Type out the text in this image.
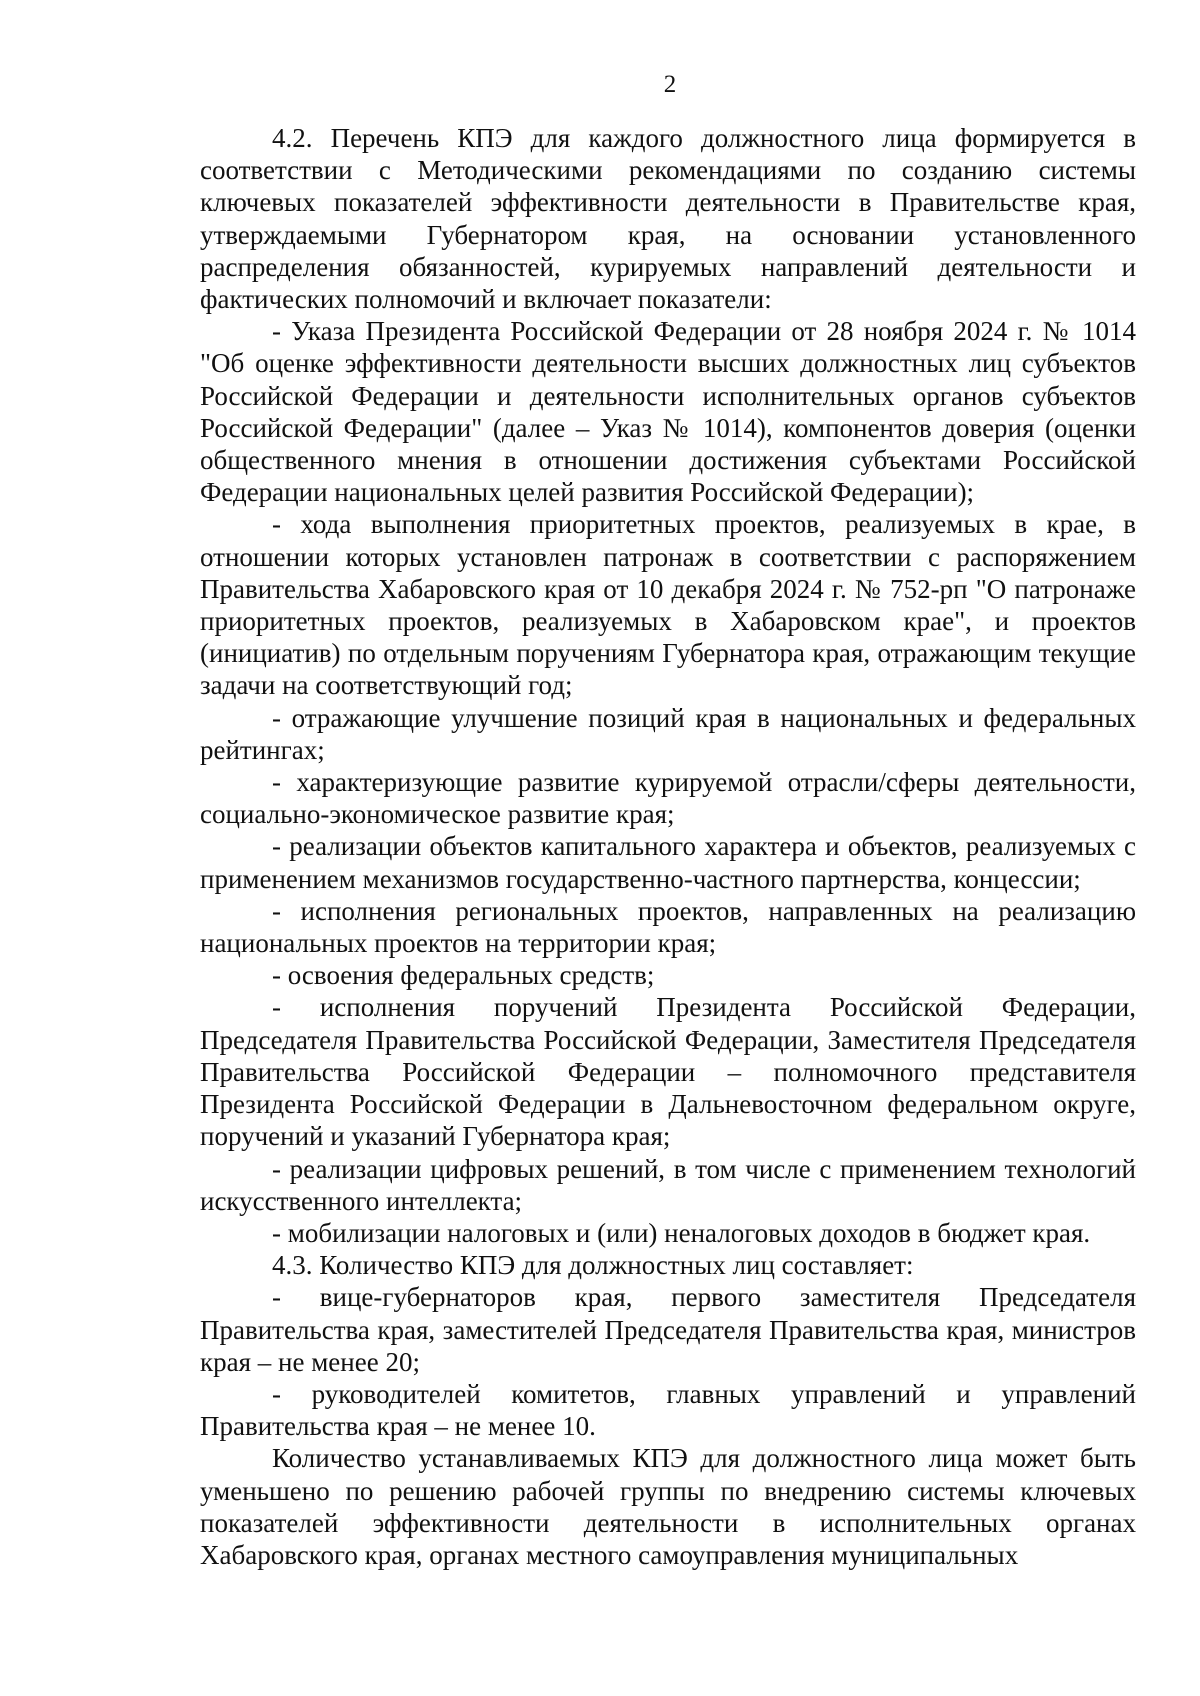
2

4.2. Перечень КПЭ для каждого должностного лица формируется в соответствии с Методическими рекомендациями по созданию системы ключевых показателей эффективности деятельности в Правительстве края, утверждаемыми Губернатором края, на основании установленного распределения обязанностей, курируемых направлений деятельности и фактических полномочий и включает показатели:

- Указа Президента Российской Федерации от 28 ноября 2024 г. № 1014 "Об оценке эффективности деятельности высших должностных лиц субъектов Российской Федерации и деятельности исполнительных органов субъектов Российской Федерации" (далее – Указ № 1014), компонентов доверия (оценки общественного мнения в отношении достижения субъектами Российской Федерации национальных целей развития Российской Федерации);

- хода выполнения приоритетных проектов, реализуемых в крае, в отношении которых установлен патронаж в соответствии с распоряжением Правительства Хабаровского края от 10 декабря 2024 г. № 752-рп "О патронаже приоритетных проектов, реализуемых в Хабаровском крае", и проектов (инициатив) по отдельным поручениям Губернатора края, отражающим текущие задачи на соответствующий год;

- отражающие улучшение позиций края в национальных и федеральных рейтингах;

- характеризующие развитие курируемой отрасли/сферы деятельности, социально-экономическое развитие края;

- реализации объектов капитального характера и объектов, реализуемых с применением механизмов государственно-частного партнерства, концессии;

- исполнения региональных проектов, направленных на реализацию национальных проектов на территории края;

- освоения федеральных средств;

- исполнения поручений Президента Российской Федерации, Председателя Правительства Российской Федерации, Заместителя Председателя Правительства Российской Федерации – полномочного представителя Президента Российской Федерации в Дальневосточном федеральном округе, поручений и указаний Губернатора края;

- реализации цифровых решений, в том числе с применением технологий искусственного интеллекта;

- мобилизации налоговых и (или) неналоговых доходов в бюджет края.

4.3. Количество КПЭ для должностных лиц составляет:

- вице-губернаторов края, первого заместителя Председателя Правительства края, заместителей Председателя Правительства края, министров края – не менее 20;

- руководителей комитетов, главных управлений и управлений Правительства края – не менее 10.

Количество устанавливаемых КПЭ для должностного лица может быть уменьшено по решению рабочей группы по внедрению системы ключевых показателей эффективности деятельности в исполнительных органах Хабаровского края, органах местного самоуправления муниципальных
